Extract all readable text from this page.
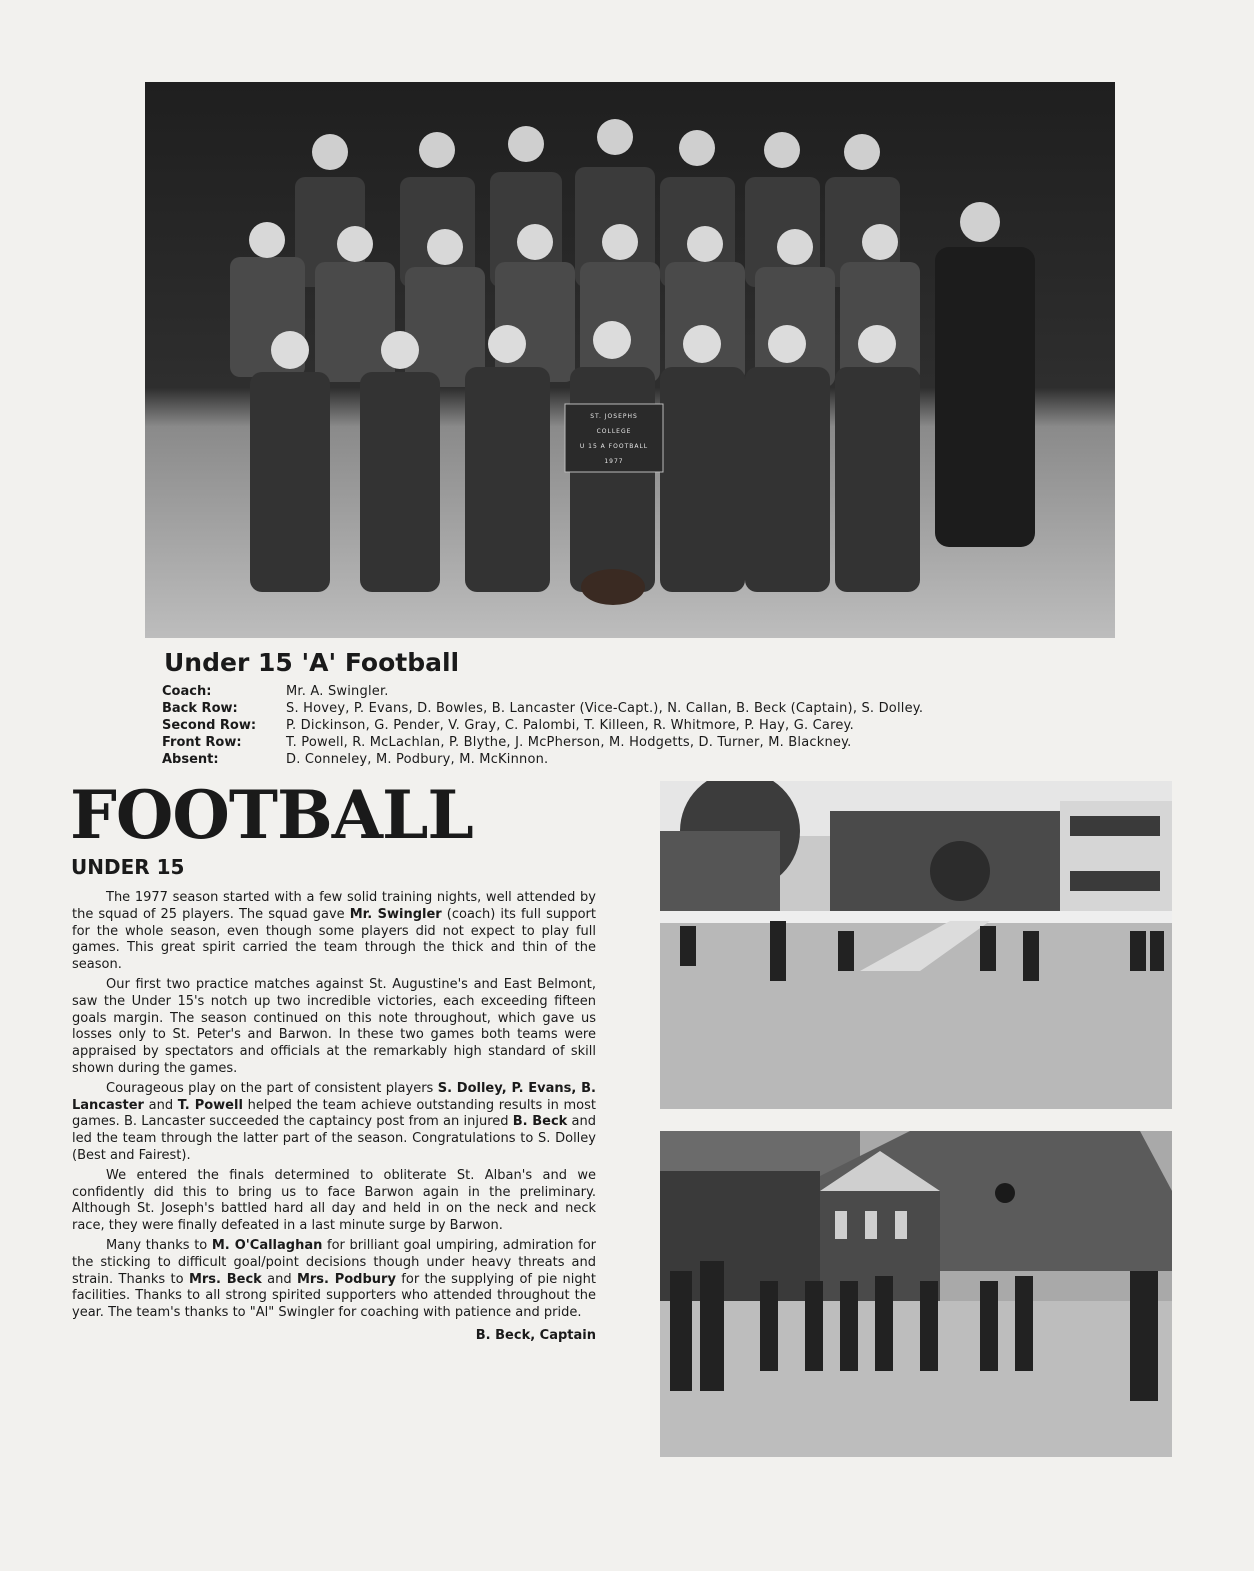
ST. JOSEPHS
COLLEGE
U 15 A FOOTBALL
1977
Under 15 'A' Football
Coach:	Mr. A. Swingler.
Back Row:	S. Hovey, P. Evans, D. Bowles, B. Lancaster (Vice-Capt.), N. Callan, B. Beck (Captain), S. Dolley.
Second Row:	P. Dickinson, G. Pender, V. Gray, C. Palombi, T. Killeen, R. Whitmore, P. Hay, G. Carey.
Front Row:	T. Powell, R. McLachlan, P. Blythe, J. McPherson, M. Hodgetts, D. Turner, M. Blackney.
Absent:	D. Conneley, M. Podbury, M. McKinnon.
FOOTBALL
UNDER 15

The 1977 season started with a few solid training nights, well attended by the squad of 25 players. The squad gave Mr. Swingler (coach) its full support for the whole season, even though some players did not expect to play full games. This great spirit carried the team through the thick and thin of the season.

Our first two practice matches against St. Augustine's and East Belmont, saw the Under 15's notch up two incredible victories, each exceeding fifteen goals margin. The season continued on this note throughout, which gave us losses only to St. Peter's and Barwon. In these two games both teams were appraised by spectators and officials at the remarkably high standard of skill shown during the games.

Courageous play on the part of consistent players S. Dolley, P. Evans, B. Lancaster and T. Powell helped the team achieve outstanding results in most games. B. Lancaster succeeded the captaincy post from an injured B. Beck and led the team through the latter part of the season. Congratulations to S. Dolley (Best and Fairest).

We entered the finals determined to obliterate St. Alban's and we confidently did this to bring us to face Barwon again in the preliminary. Although St. Joseph's battled hard all day and held in on the neck and neck race, they were finally defeated in a last minute surge by Barwon.

Many thanks to M. O'Callaghan for brilliant goal umpiring, admiration for the sticking to difficult goal/point decisions though under heavy threats and strain. Thanks to Mrs. Beck and Mrs. Podbury for the supplying of pie night facilities. Thanks to all strong spirited supporters who attended throughout the year. The team's thanks to "Al" Swingler for coaching with patience and pride.

B. Beck, Captain
